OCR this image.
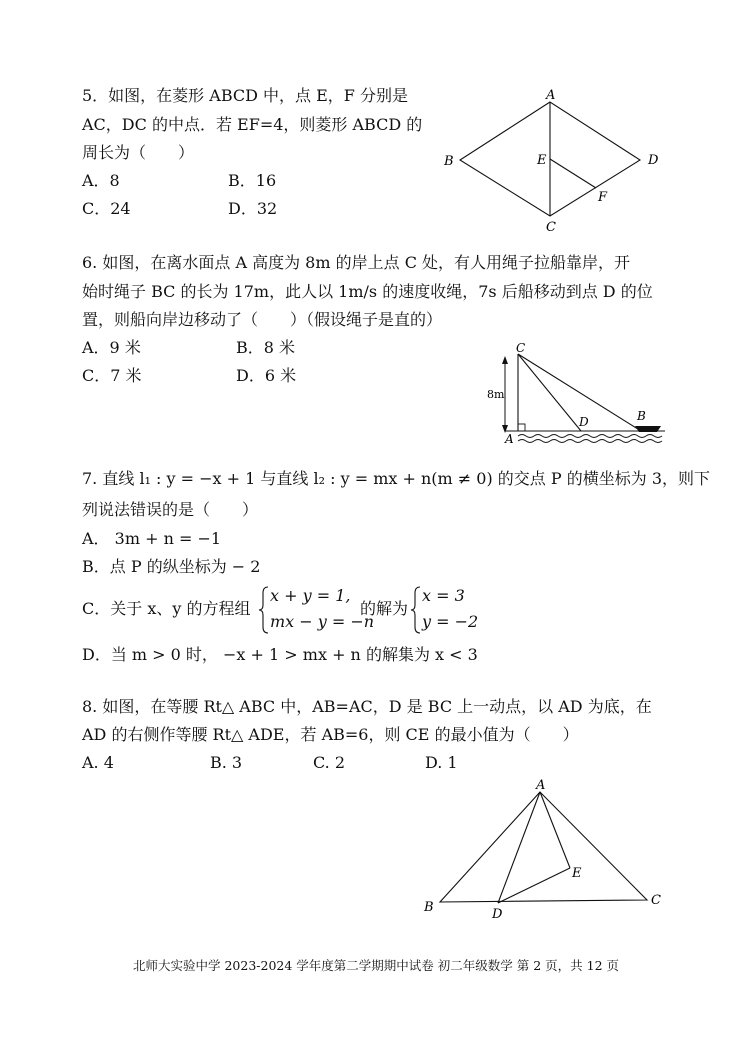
5．如图，在菱形 ABCD 中，点 E，F 分别是
AC，DC 的中点．若 EF=4，则菱形 ABCD 的
周长为（　　）
A．8	B．16
C．24	D．32
A
B
C
D
E
F
6. 如图，在离水面点 A 高度为 8m 的岸上点 C 处，有人用绳子拉船靠岸，开
始时绳子 BC 的长为 17m，此人以 1m/s 的速度收绳，7s 后船移动到点 D 的位
置，则船向岸边移动了（　　）（假设绳子是直的）
A．9 米	B．8 米
C．7 米	D．6 米
C
8m
D	B
A
7. 直线 l₁ : y = −x + 1 与直线 l₂ : y = mx + n(m ≠ 0) 的交点 P 的横坐标为 3，则下
列说法错误的是（　　）
A． 3m + n = −1
B．点 P 的纵坐标为 − 2
C．关于 x、y 的方程组
x + y = 1,
mx − y = −n
的解为
x = 3
y = −2
D．当 m > 0 时， −x + 1 > mx + n 的解集为 x < 3
8. 如图，在等腰 Rt△ ABC 中，AB=AC，D 是 BC 上一动点，以 AD 为底，在
AD 的右侧作等腰 Rt△ ADE，若 AB=6，则 CE 的最小值为（　　）
A. 4	B. 3	C. 2	D. 1
A
B	D
E
C
北师大实验中学 2023-2024 学年度第二学期期中试卷 初二年级数学 第 2 页，共 12 页
